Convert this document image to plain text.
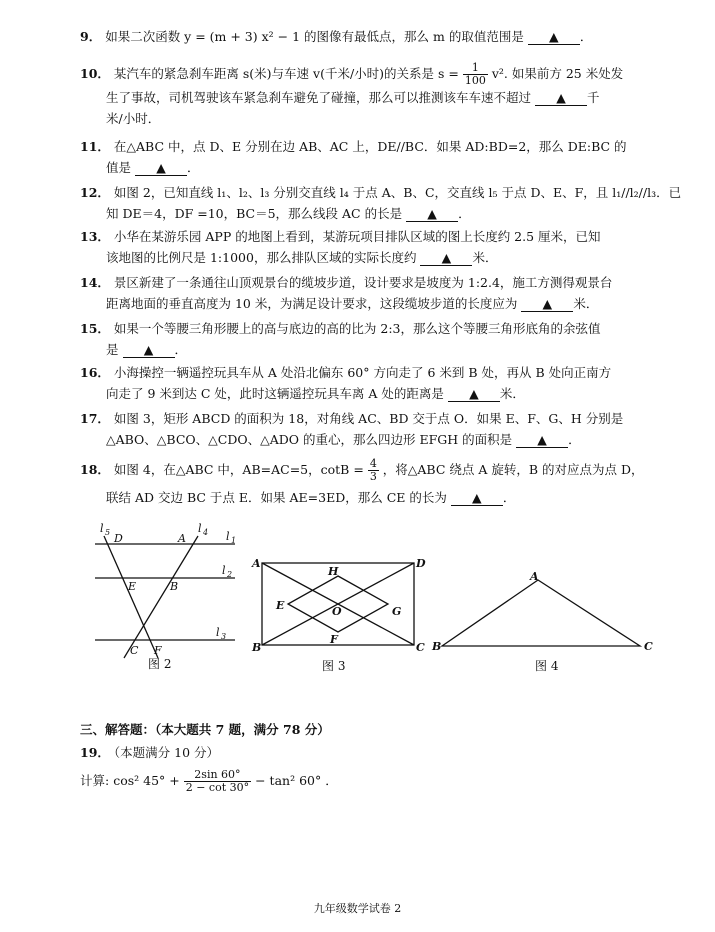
9． 如果二次函数 y = (m + 3) x² − 1 的图像有最低点，那么 m 的取值范围是 ▲ ．
10． 某汽车的紧急刹车距离 s(米)与车速 v(千米/小时)的关系是 $s = \frac{1}{100} v^2$. 如果前方 25 米处发
生了事故，司机驾驶该车紧急刹车避免了碰撞，那么可以推测该车车速不超过 ▲ 千
米/小时．
11． 在△ABC 中，点 D、E 分别在边 AB、AC 上，DE//BC．如果 AD:BD=2，那么 DE:BC 的
值是 ▲ ．
12． 如图 2，已知直线 l₁、l₂、l₃ 分别交直线 l₄ 于点 A、B、C，交直线 l₅ 于点 D、E、F，且 l₁//l₂//l₃．已
知 DE＝4，DF =10，BC＝5，那么线段 AC 的长是 ▲ ．
13． 小华在某游乐园 APP 的地图上看到，某游玩项目排队区域的图上长度约 2.5 厘米，已知
该地图的比例尺是 1:1000，那么排队区域的实际长度约 ▲ 米．
14． 景区新建了一条通往山顶观景台的缆坡步道，设计要求是坡度为 1:2.4，施工方测得观景台
距离地面的垂直高度为 10 米，为满足设计要求，这段缆坡步道的长度应为 ▲ 米．
15． 如果一个等腰三角形腰上的高与底边的高的比为 2:3，那么这个等腰三角形底角的余弦值
是 ▲ ．
16． 小海操控一辆遥控玩具车从 A 处沿北偏东 60° 方向走了 6 米到 B 处，再从 B 处向正南方
向走了 9 米到达 C 处，此时这辆遥控玩具车离 A 处的距离是 ▲ 米．
17． 如图 3，矩形 ABCD 的面积为 18，对角线 AC、BD 交于点 O．如果 E、F、G、H 分别是
△ABO、△BCO、△CDO、△ADO 的重心，那么四边形 EFGH 的面积是 ▲ ．
18． 如图 4，在△ABC 中，AB=AC=5，$\cot B = \frac{4}{3}$ ，将△ABC 绕点 A 旋转，B 的对应点为点 D，
联结 AD 交边 BC 于点 E．如果 AE=3ED，那么 CE 的长为 ▲ ．
l 5	l 4 l 1
l 2
l 3
D	A
E	B
C F
图 2
A	D
H
E	O	G
F
B	C
图 3
A
B	C
图 4
三、解答题：（本大题共 7 题，满分 78 分）
19． （本题满分 10 分）
计算: cos² $45^\circ + \frac{2\sin 60^\circ}{2 - \cot 30^\circ} - \tan^2$ 60° ．
九年级数学试卷 2
